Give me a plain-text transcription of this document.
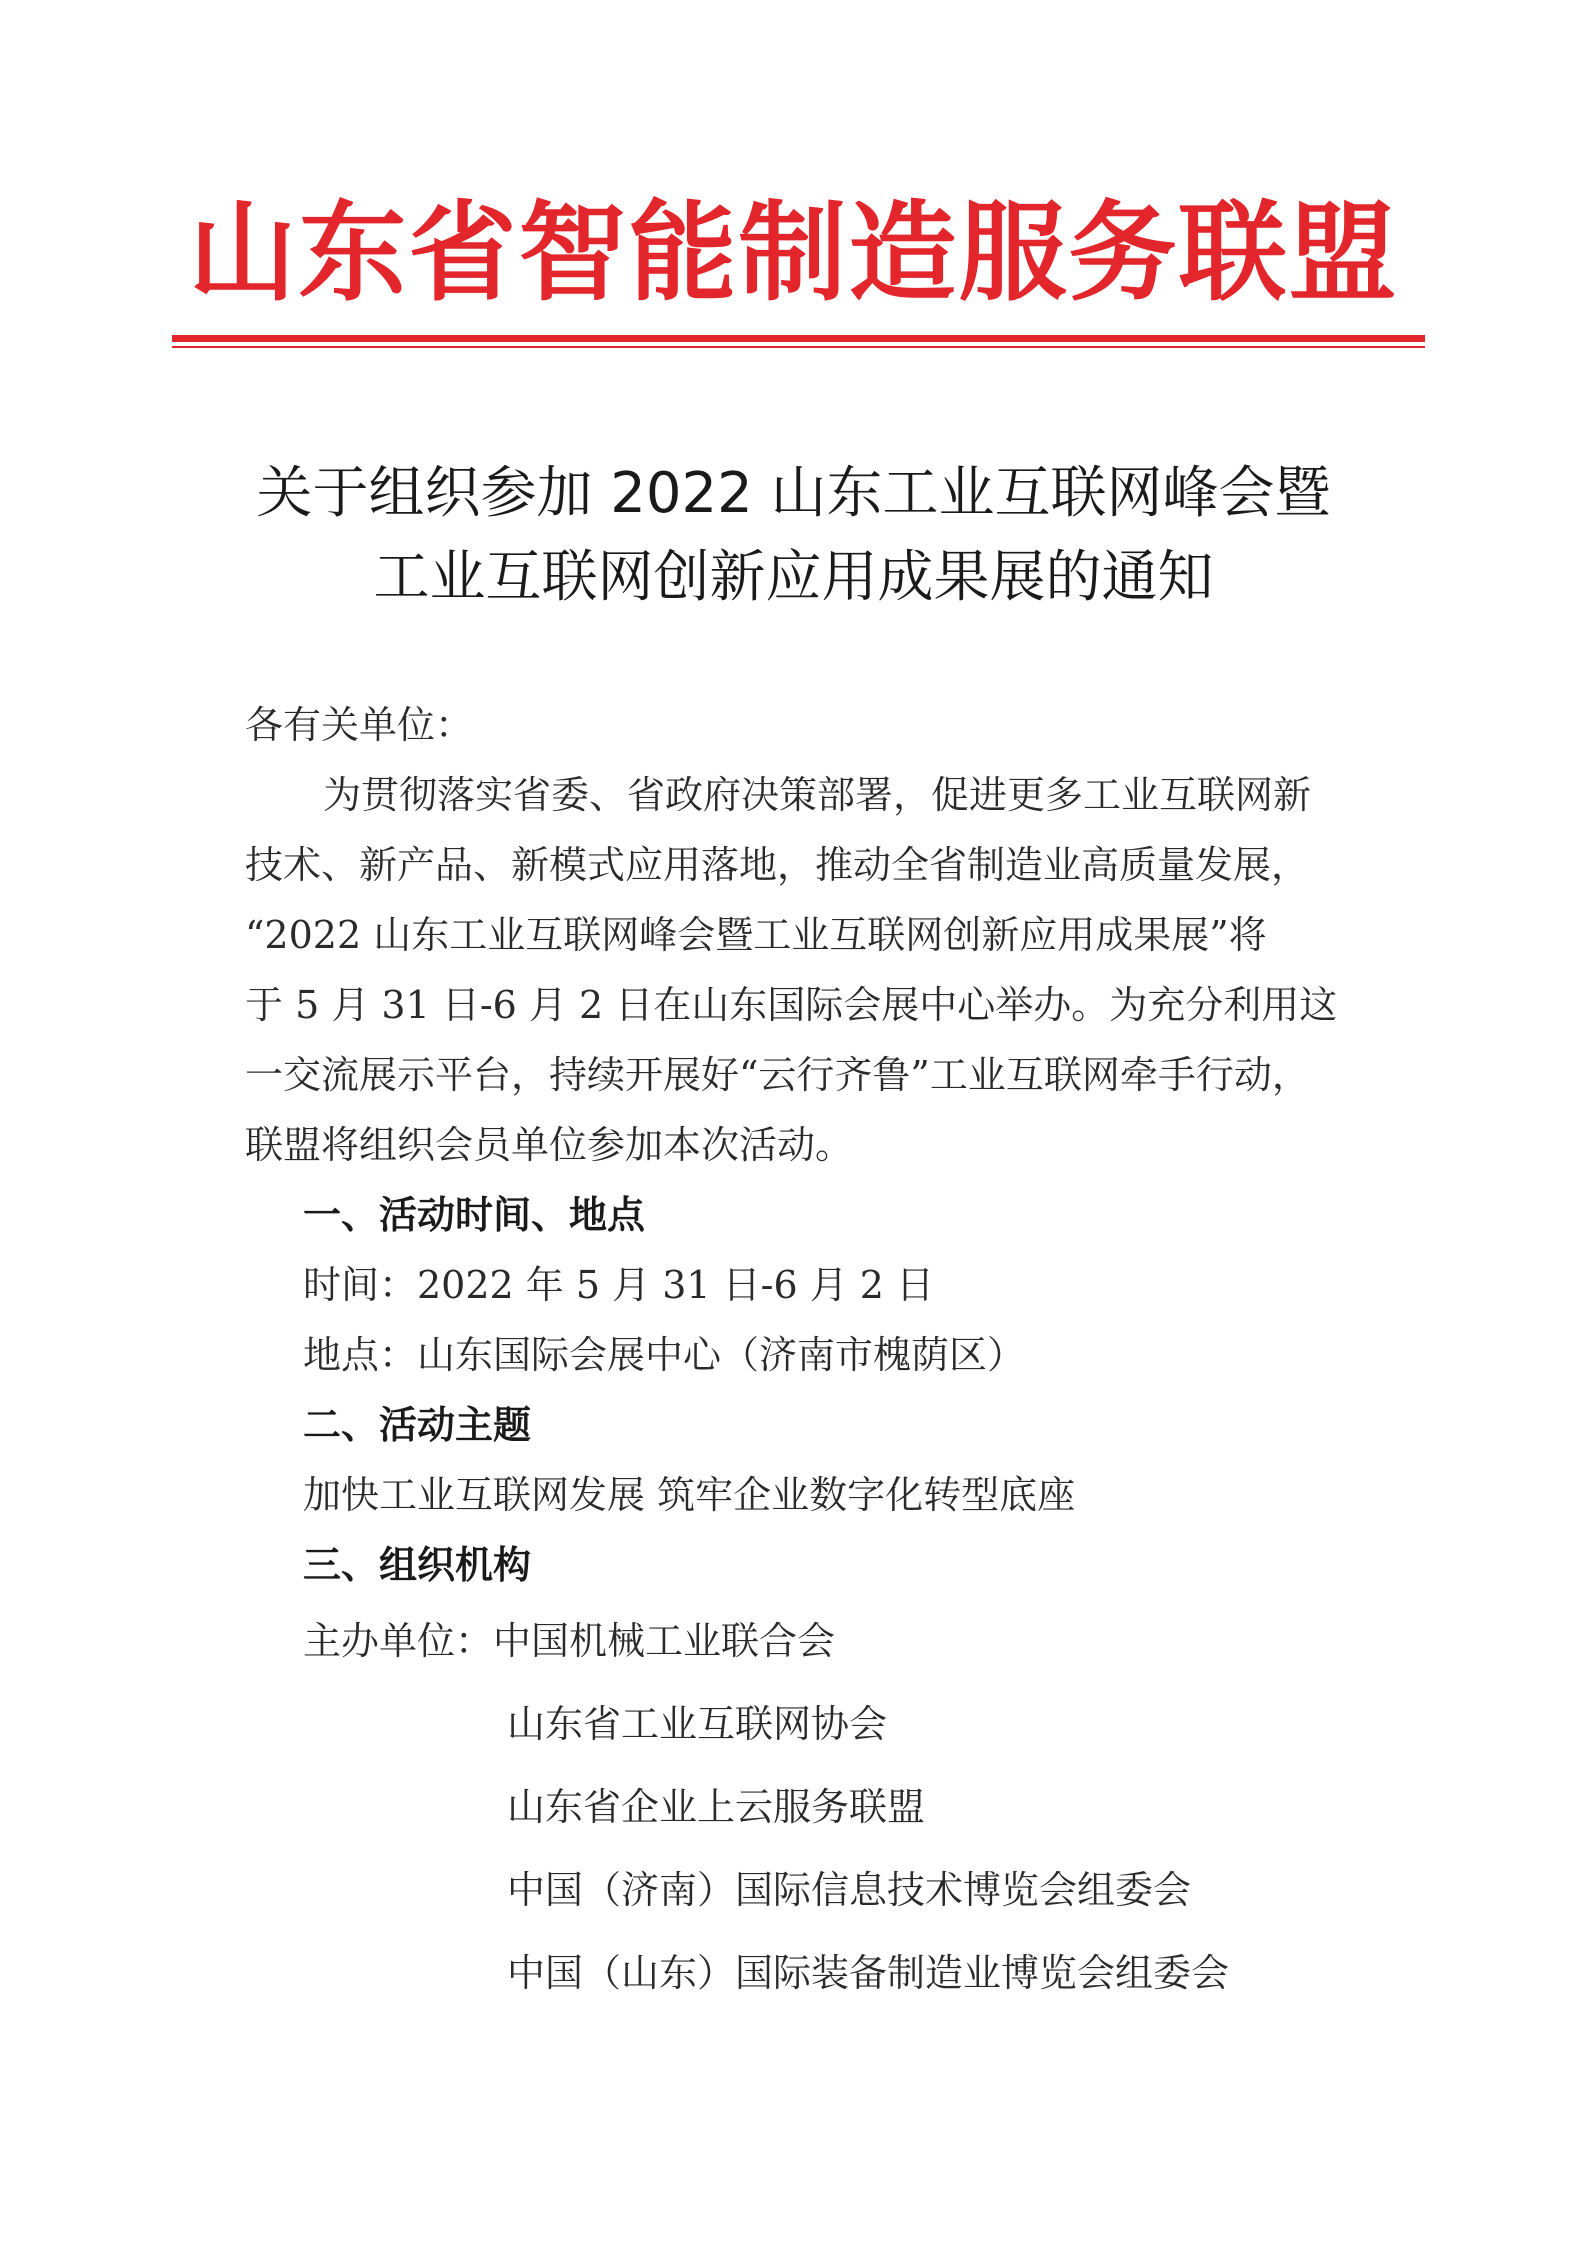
山东省智能制造服务联盟
关于组织参加 2022 山东工业互联网峰会暨
工业互联网创新应用成果展的通知

各有关单位：

为贯彻落实省委、省政府决策部署，促进更多工业互联网新

技术、新产品、新模式应用落地，推动全省制造业高质量发展，

“2022 山东工业互联网峰会暨工业互联网创新应用成果展”将

于 5 月 31 日-6 月 2 日在山东国际会展中心举办。为充分利用这

一交流展示平台，持续开展好“云行齐鲁”工业互联网牵手行动，

联盟将组织会员单位参加本次活动。

一、活动时间、地点

时间：2022 年 5 月 31 日-6 月 2 日

地点：山东国际会展中心（济南市槐荫区）

二、活动主题

加快工业互联网发展 筑牢企业数字化转型底座

三、组织机构

主办单位：中国机械工业联合会

山东省工业互联网协会

山东省企业上云服务联盟

中国（济南）国际信息技术博览会组委会

中国（山东）国际装备制造业博览会组委会
